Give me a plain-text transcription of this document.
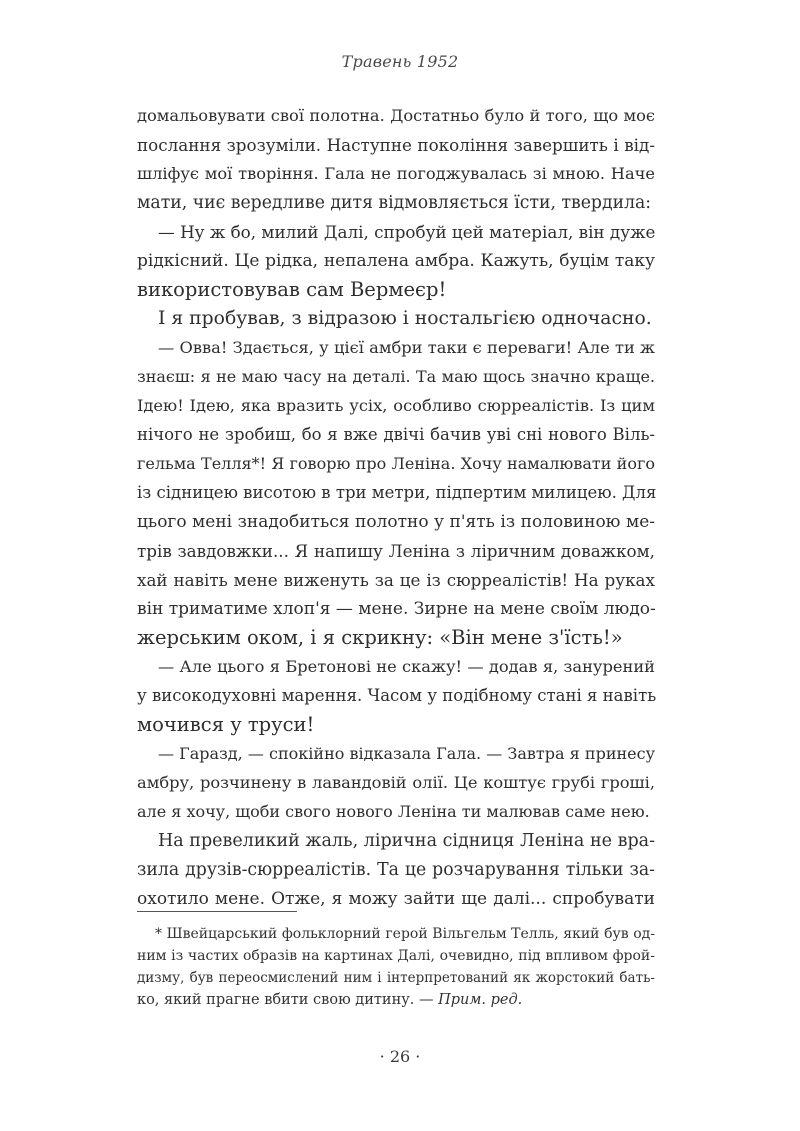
Травень 1952
домальовувати свої полотна. Достатньо було й того, що моє
послання зрозуміли. Наступне покоління завершить і від-
шліфує мої творіння. Гала не погоджувалась зі мною. Наче
мати, чиє вередливе дитя відмовляється їсти, твердила:
— Ну ж бо, милий Далі, спробуй цей матеріал, він дуже
рідкісний. Це рідка, непалена амбра. Кажуть, буцім таку
використовував сам Вермеєр!
І я пробував, з відразою і ностальгією одночасно.
— Овва! Здається, у цієї амбри таки є переваги! Але ти ж
знаєш: я не маю часу на деталі. Та маю щось значно краще.
Ідею! Ідею, яка вразить усіх, особливо сюрреалістів. Із цим
нічого не зробиш, бо я вже двічі бачив уві сні нового Віль-
гельма Телля*! Я говорю про Леніна. Хочу намалювати його
із сідницею висотою в три метри, підпертим милицею. Для
цього мені знадобиться полотно у п'ять із половиною ме-
трів завдовжки... Я напишу Леніна з ліричним доважком,
хай навіть мене виженуть за це із сюрреалістів! На руках
він триматиме хлоп'я — мене. Зирне на мене своїм людо-
жерським оком, і я скрикну: «Він мене з'їсть!»
— Але цього я Бретонові не скажу! — додав я, занурений
у високодуховні марення. Часом у подібному стані я навіть
мочився у труси!
— Гаразд, — спокійно відказала Гала. — Завтра я принесу
амбру, розчинену в лавандовій олії. Це коштує грубі гроші,
але я хочу, щоби свого нового Леніна ти малював саме нею.
На превеликий жаль, лірична сідниця Леніна не вра-
зила друзів-сюрреалістів. Та це розчарування тільки за-
охотило мене. Отже, я можу зайти ще далі... спробувати
* Швейцарський фольклорний герой Вільгельм Телль, який був од-
ним із частих образів на картинах Далі, очевидно, під впливом фрой-
дизму, був переосмислений ним і інтерпретований як жорстокий бать-
ко, який прагне вбити свою дитину. — Прим. ред.
· 26 ·
